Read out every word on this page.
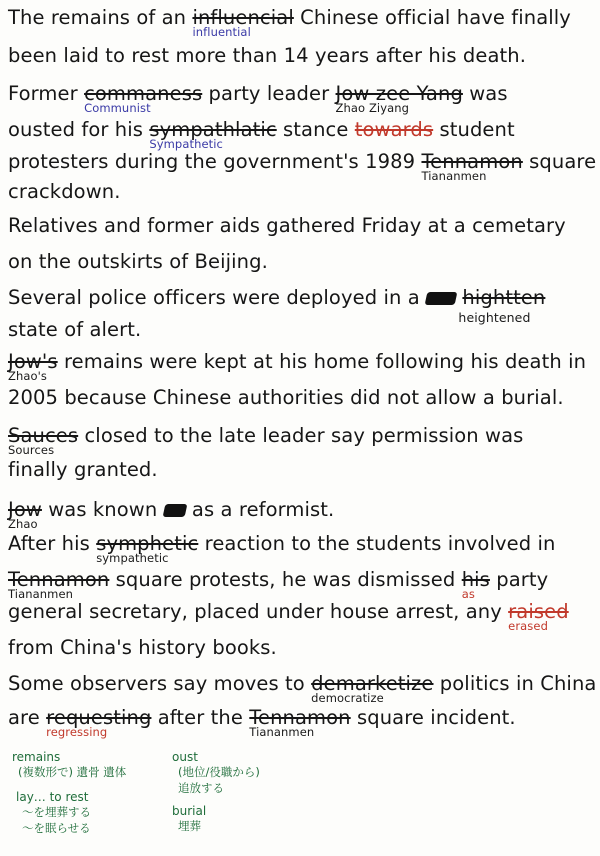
The remains of an influencial
influential
Chinese official have finally
been laid to rest more than 14 years after his death.
Former commaness
Communist
party leader Jow zee Yang
Zhao Ziyang
was
ousted for his sympathlatic
Sympathetic
stance towards student
protesters during the government's 1989 Tennamon
Tiananmen
square
crackdown.
Relatives and former aids gathered Friday at a cemetary
on the outskirts of Beijing.
Several police officers were deployed in a hightten
heightened
state of alert.
Jow's
Zhao's
remains were kept at his home following his death in
2005 because Chinese authorities did not allow a burial.
Sauces
Sources
closed to the late leader say permission was
finally granted.
Jow
Zhao
was known as a reformist.
After his symphetic
sympathetic
reaction to the students involved in
Tennamon
Tiananmen
square protests, he was dismissed his
as
party
general secretary, placed under house arrest, any raised
erased
from China's history books.
Some observers say moves to demarketize
democratize
politics in China
are requesting
regressing
after the Tennamon
Tiananmen
square incident.
remains
(複数形で) 遺骨 遺体
lay… to rest
～を埋葬する
～を眠らせる
oust
(地位/役職から)
追放する
burial
埋葬
